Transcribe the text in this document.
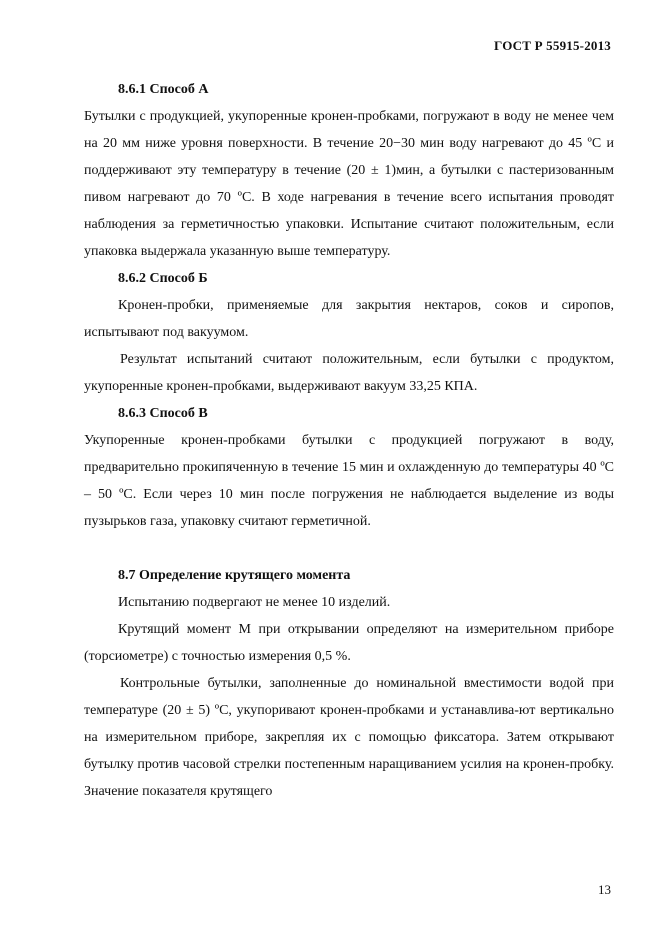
ГОСТ Р 55915-2013

8.6.1 Способ А

Бутылки с продукцией, укупоренные кронен-пробками, погружают в воду не менее чем на 20 мм ниже уровня поверхности. В течение 20−30 мин воду нагревают до 45 ºС и поддерживают эту температуру в течение (20 ± 1)мин, а бутылки с пастеризованным пивом нагревают до 70 ºС. В ходе нагревания в течение всего испытания проводят наблюдения за герметичностью упаковки. Испытание считают положительным, если упаковка выдержала указанную выше температуру.

8.6.2 Способ Б

Кронен-пробки, применяемые для закрытия нектаров, соков и сиропов, испытывают под вакуумом.

Результат испытаний считают положительным, если бутылки с продуктом, укупоренные кронен-пробками, выдерживают вакуум 33,25 КПА.

8.6.3 Способ В

Укупоренные кронен-пробками бутылки с продукцией погружают в воду, предварительно прокипяченную в течение 15 мин и охлажденную до температуры 40 ºС – 50 ºС. Если через 10 мин после погружения не наблюдается выделение из воды пузырьков газа, упаковку считают герметичной.

8.7 Определение крутящего момента

Испытанию подвергают не менее 10 изделий.

Крутящий момент М при открывании определяют на измерительном приборе (торсиометре) с точностью измерения 0,5 %.

Контрольные бутылки, заполненные до номинальной вместимости водой при температуре (20 ± 5) ºС, укупоривают кронен-пробками и устанавлива-ют вертикально на измерительном приборе, закрепляя их с помощью фиксатора. Затем открывают бутылку против часовой стрелки постепенным наращиванием усилия на кронен-пробку. Значение показателя крутящего

13
